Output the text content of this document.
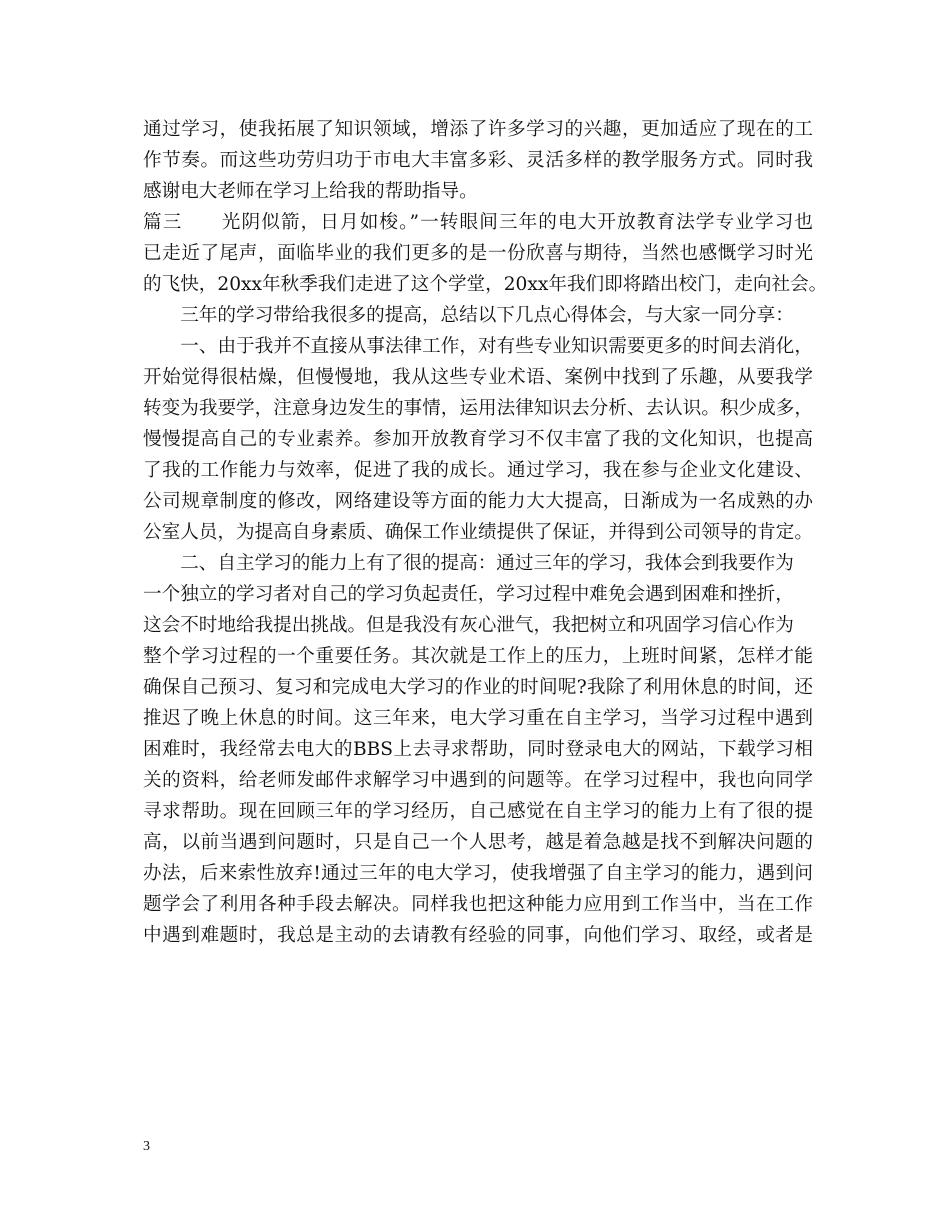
通过学习，使我拓展了知识领域，增添了许多学习的兴趣，更加适应了现在的工
作节奏。而这些功劳归功于市电大丰富多彩、灵活多样的教学服务方式。同时我
感谢电大老师在学习上给我的帮助指导。
篇三　　光阴似箭，日月如梭。”一转眼间三年的电大开放教育法学专业学习也
已走近了尾声，面临毕业的我们更多的是一份欣喜与期待，当然也感慨学习时光
的飞快，20xx年秋季我们走进了这个学堂，20xx年我们即将踏出校门，走向社会。
　　三年的学习带给我很多的提高，总结以下几点心得体会，与大家一同分享：
　　一、由于我并不直接从事法律工作，对有些专业知识需要更多的时间去消化，
开始觉得很枯燥，但慢慢地，我从这些专业术语、案例中找到了乐趣，从要我学
转变为我要学，注意身边发生的事情，运用法律知识去分析、去认识。积少成多，
慢慢提高自己的专业素养。参加开放教育学习不仅丰富了我的文化知识，也提高
了我的工作能力与效率，促进了我的成长。通过学习，我在参与企业文化建设、
公司规章制度的修改，网络建设等方面的能力大大提高，日渐成为一名成熟的办
公室人员，为提高自身素质、确保工作业绩提供了保证，并得到公司领导的肯定。
　　二、自主学习的能力上有了很的提高：通过三年的学习，我体会到我要作为
一个独立的学习者对自己的学习负起责任，学习过程中难免会遇到困难和挫折，
这会不时地给我提出挑战。但是我没有灰心泄气，我把树立和巩固学习信心作为
整个学习过程的一个重要任务。其次就是工作上的压力，上班时间紧，怎样才能
确保自己预习、复习和完成电大学习的作业的时间呢?我除了利用休息的时间，还
推迟了晚上休息的时间。这三年来，电大学习重在自主学习，当学习过程中遇到
困难时，我经常去电大的BBS上去寻求帮助，同时登录电大的网站，下载学习相
关的资料，给老师发邮件求解学习中遇到的问题等。在学习过程中，我也向同学
寻求帮助。现在回顾三年的学习经历，自己感觉在自主学习的能力上有了很的提
高，以前当遇到问题时，只是自己一个人思考，越是着急越是找不到解决问题的
办法，后来索性放弃!通过三年的电大学习，使我增强了自主学习的能力，遇到问
题学会了利用各种手段去解决。同样我也把这种能力应用到工作当中，当在工作
中遇到难题时，我总是主动的去请教有经验的同事，向他们学习、取经，或者是
3
